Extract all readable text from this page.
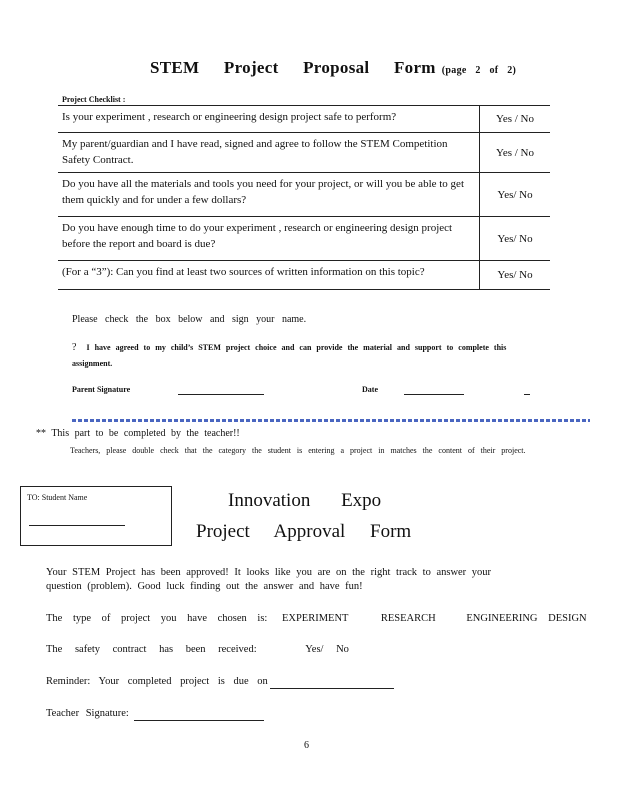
STEM Project Proposal Form (page 2 of 2)
Project Checklist :
Is your experiment , research or engineering design project safe to perform?	Yes / No
My parent/guardian and I have read, signed and agree to follow the STEM Competition Safety Contract.	Yes / No
Do you have all the materials and tools you need for your project, or will you be able to get them quickly and for under a few dollars?	Yes/ No
Do you have enough time to do your experiment , research or engineering design project before the report and board is due?	Yes/ No
(For a “3”): Can you find at least two sources of written information on this topic?	Yes/ No
Please check the box below and sign your name.
? I have agreed to my child’s STEM project choice and can provide the material and support to complete this assignment.
Parent Signature	Date
** This part to be completed by the teacher!!
Teachers, please double check that the category the student is entering a project in matches the content of their project.
TO: Student Name	Innovation Expo
Project Approval Form
Your STEM Project has been approved! It looks like you are on the right track to answer your question (problem). Good luck finding out the answer and have fun!
The type of project you have chosen is: EXPERIMENT	RESEARCH	ENGINEERING DESIGN
The safety contract has been received:	Yes/ No
Reminder: Your completed project is due on
Teacher Signature:
6
